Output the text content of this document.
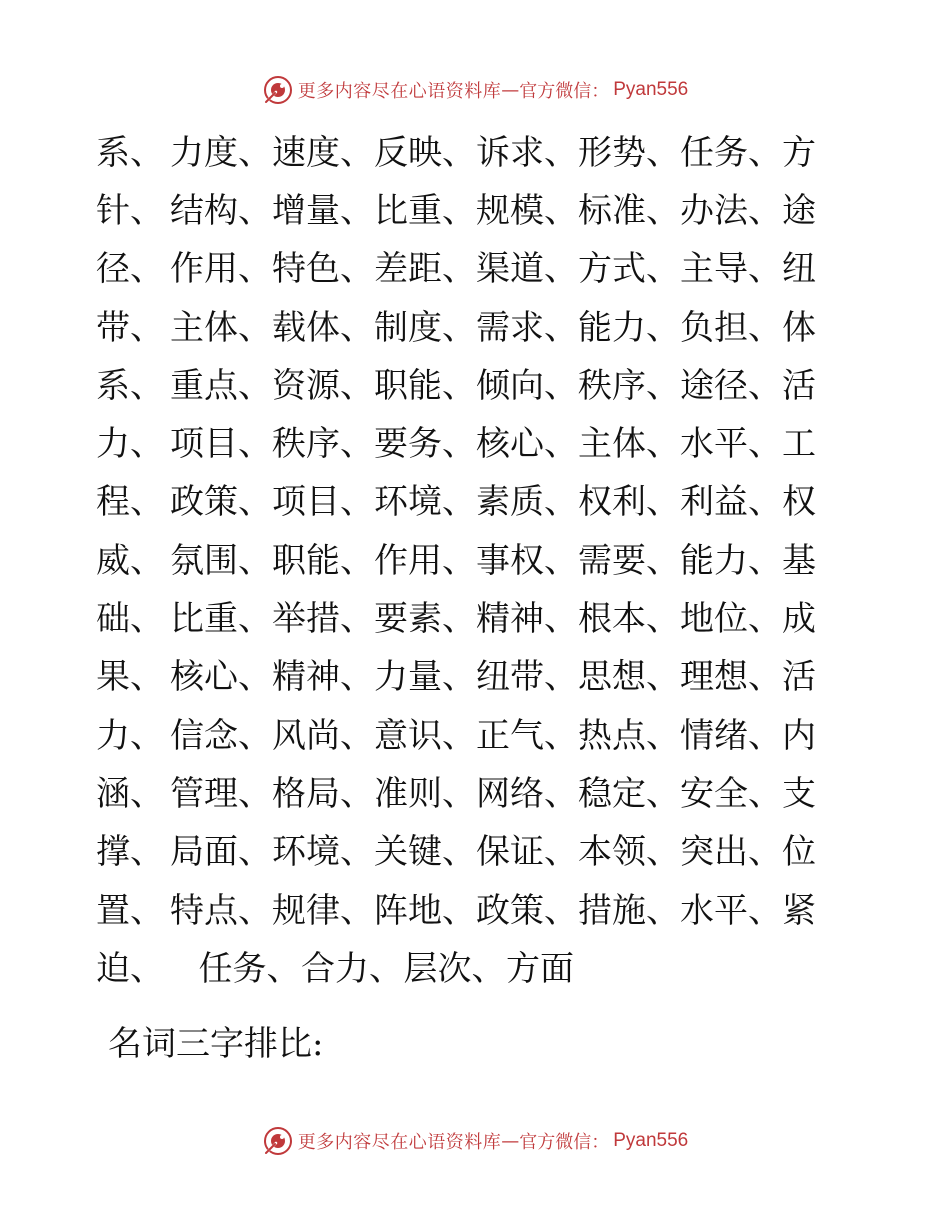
更多内容尽在心语资料库 — 官方微信： Pyan556
系、 力度、 速度、 反映、 诉求、 形势、 任务、 方
针、 结构、 增量、 比重、 规模、 标准、 办法、 途
径、 作用、 特色、 差距、 渠道、 方式、 主导、 纽
带、 主体、 载体、 制度、 需求、 能力、 负担、 体
系、 重点、 资源、 职能、 倾向、 秩序、 途径、 活
力、 项目、 秩序、 要务、 核心、 主体、 水平、 工
程、 政策、 项目、 环境、 素质、 权利、 利益、 权
威、 氛围、 职能、 作用、 事权、 需要、 能力、 基
础、 比重、 举措、 要素、 精神、 根本、 地位、 成
果、 核心、 精神、 力量、 纽带、 思想、 理想、 活
力、 信念、 风尚、 意识、 正气、 热点、 情绪、 内
涵、 管理、 格局、 准则、 网络、 稳定、 安全、 支
撑、 局面、 环境、 关键、 保证、 本领、 突出、 位
置、 特点、 规律、 阵地、 政策、 措施、 水平、 紧
迫、	任务、 合力、 层次、 方面
名词三字排比:
更多内容尽在心语资料库 — 官方微信： Pyan556
